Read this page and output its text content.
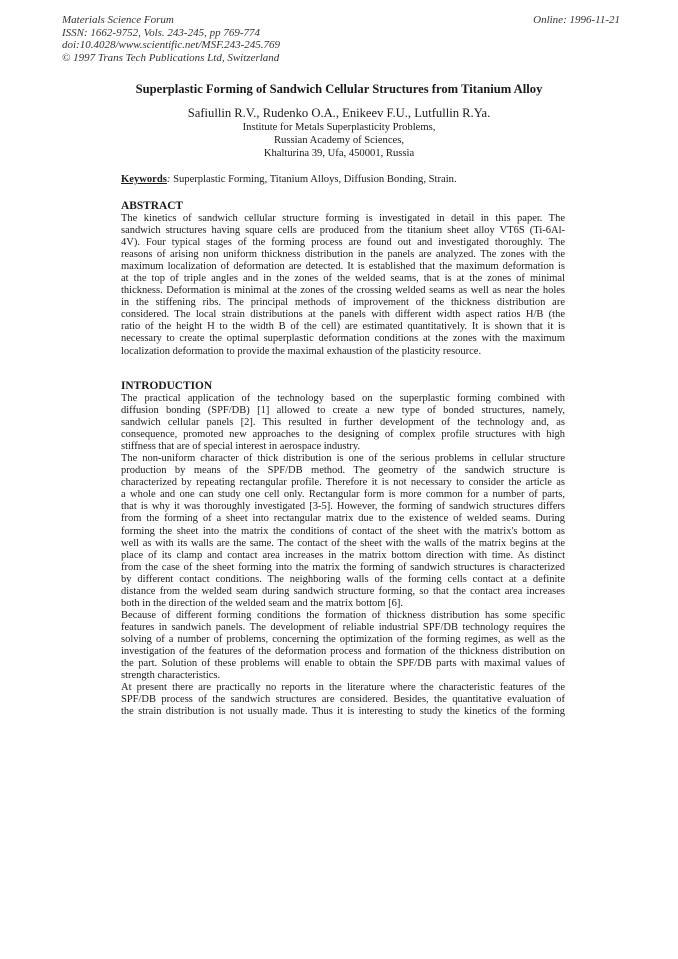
Materials Science Forum
ISSN: 1662-9752, Vols. 243-245, pp 769-774
doi:10.4028/www.scientific.net/MSF.243-245.769
© 1997 Trans Tech Publications Ltd, Switzerland
Online: 1996-11-21
Superplastic Forming of Sandwich Cellular Structures from Titanium Alloy
Safiullin R.V., Rudenko O.A., Enikeev F.U., Lutfullin R.Ya.
Institute for Metals Superplasticity Problems,
Russian Academy of Sciences,
Khalturina 39, Ufa, 450001, Russia
Keywords: Superplastic Forming, Titanium Alloys, Diffusion Bonding, Strain.
ABSTRACT
The kinetics of sandwich cellular structure forming is investigated in detail in this paper. The
sandwich structures having square cells are produced from the titanium sheet alloy VT6S (Ti-6Al-
4V). Four typical stages of the forming process are found out and investigated thoroughly. The
reasons of arising non uniform thickness distribution in the panels are analyzed. The zones with the
maximum localization of deformation are detected. It is established that the maximum deformation is
at the top of triple angles and in the zones of the welded seams, that is at the zones of minimal
thickness. Deformation is minimal at the zones of the crossing welded seams as well as near the holes
in the stiffening ribs. The principal methods of improvement of the thickness distribution are
considered. The local strain distributions at the panels with different width aspect ratios H/B (the
ratio of the height H to the width B of the cell) are estimated quantitatively. It is shown that it is
necessary to create the optimal superplastic deformation conditions at the zones with the maximum
localization deformation to provide the maximal exhaustion of the plasticity resource.
INTRODUCTION
The practical application of the technology based on the superplastic forming combined with
diffusion bonding (SPF/DB) [1] allowed to create a new type of bonded structures, namely,
sandwich cellular panels [2]. This resulted in further development of the technology and, as
consequence, promoted new approaches to the designing of complex profile structures with high
stiffness that are of special interest in aerospace industry.
The non-uniform character of thick distribution is one of the serious problems in cellular structure
production by means of the SPF/DB method. The geometry of the sandwich structure is
characterized by repeating rectangular profile. Therefore it is not necessary to consider the article as
a whole and one can study one cell only. Rectangular form is more common for a number of parts,
that is why it was thoroughly investigated [3-5]. However, the forming of sandwich structures differs
from the forming of a sheet into rectangular matrix due to the existence of welded seams. During
forming the sheet into the matrix the conditions of contact of the sheet with the matrix's bottom as
well as with its walls are the same. The contact of the sheet with the walls of the matrix begins at the
place of its clamp and contact area increases in the matrix bottom direction with time. As distinct
from the case of the sheet forming into the matrix the forming of sandwich structures is characterized
by different contact conditions. The neighboring walls of the forming cells contact at a definite
distance from the welded seam during sandwich structure forming, so that the contact area increases
both in the direction of the welded seam and the matrix bottom [6].
Because of different forming conditions the formation of thickness distribution has some specific
features in sandwich panels. The development of reliable industrial SPF/DB technology requires the
solving of a number of problems, concerning the optimization of the forming regimes, as well as the
investigation of the features of the deformation process and formation of the thickness distribution on
the part. Solution of these problems will enable to obtain the SPF/DB parts with maximal values of
strength characteristics.
At present there are practically no reports in the literature where the characteristic features of the
SPF/DB process of the sandwich structures are considered. Besides, the quantitative evaluation of
the strain distribution is not usually made. Thus it is interesting to study the kinetics of the forming
